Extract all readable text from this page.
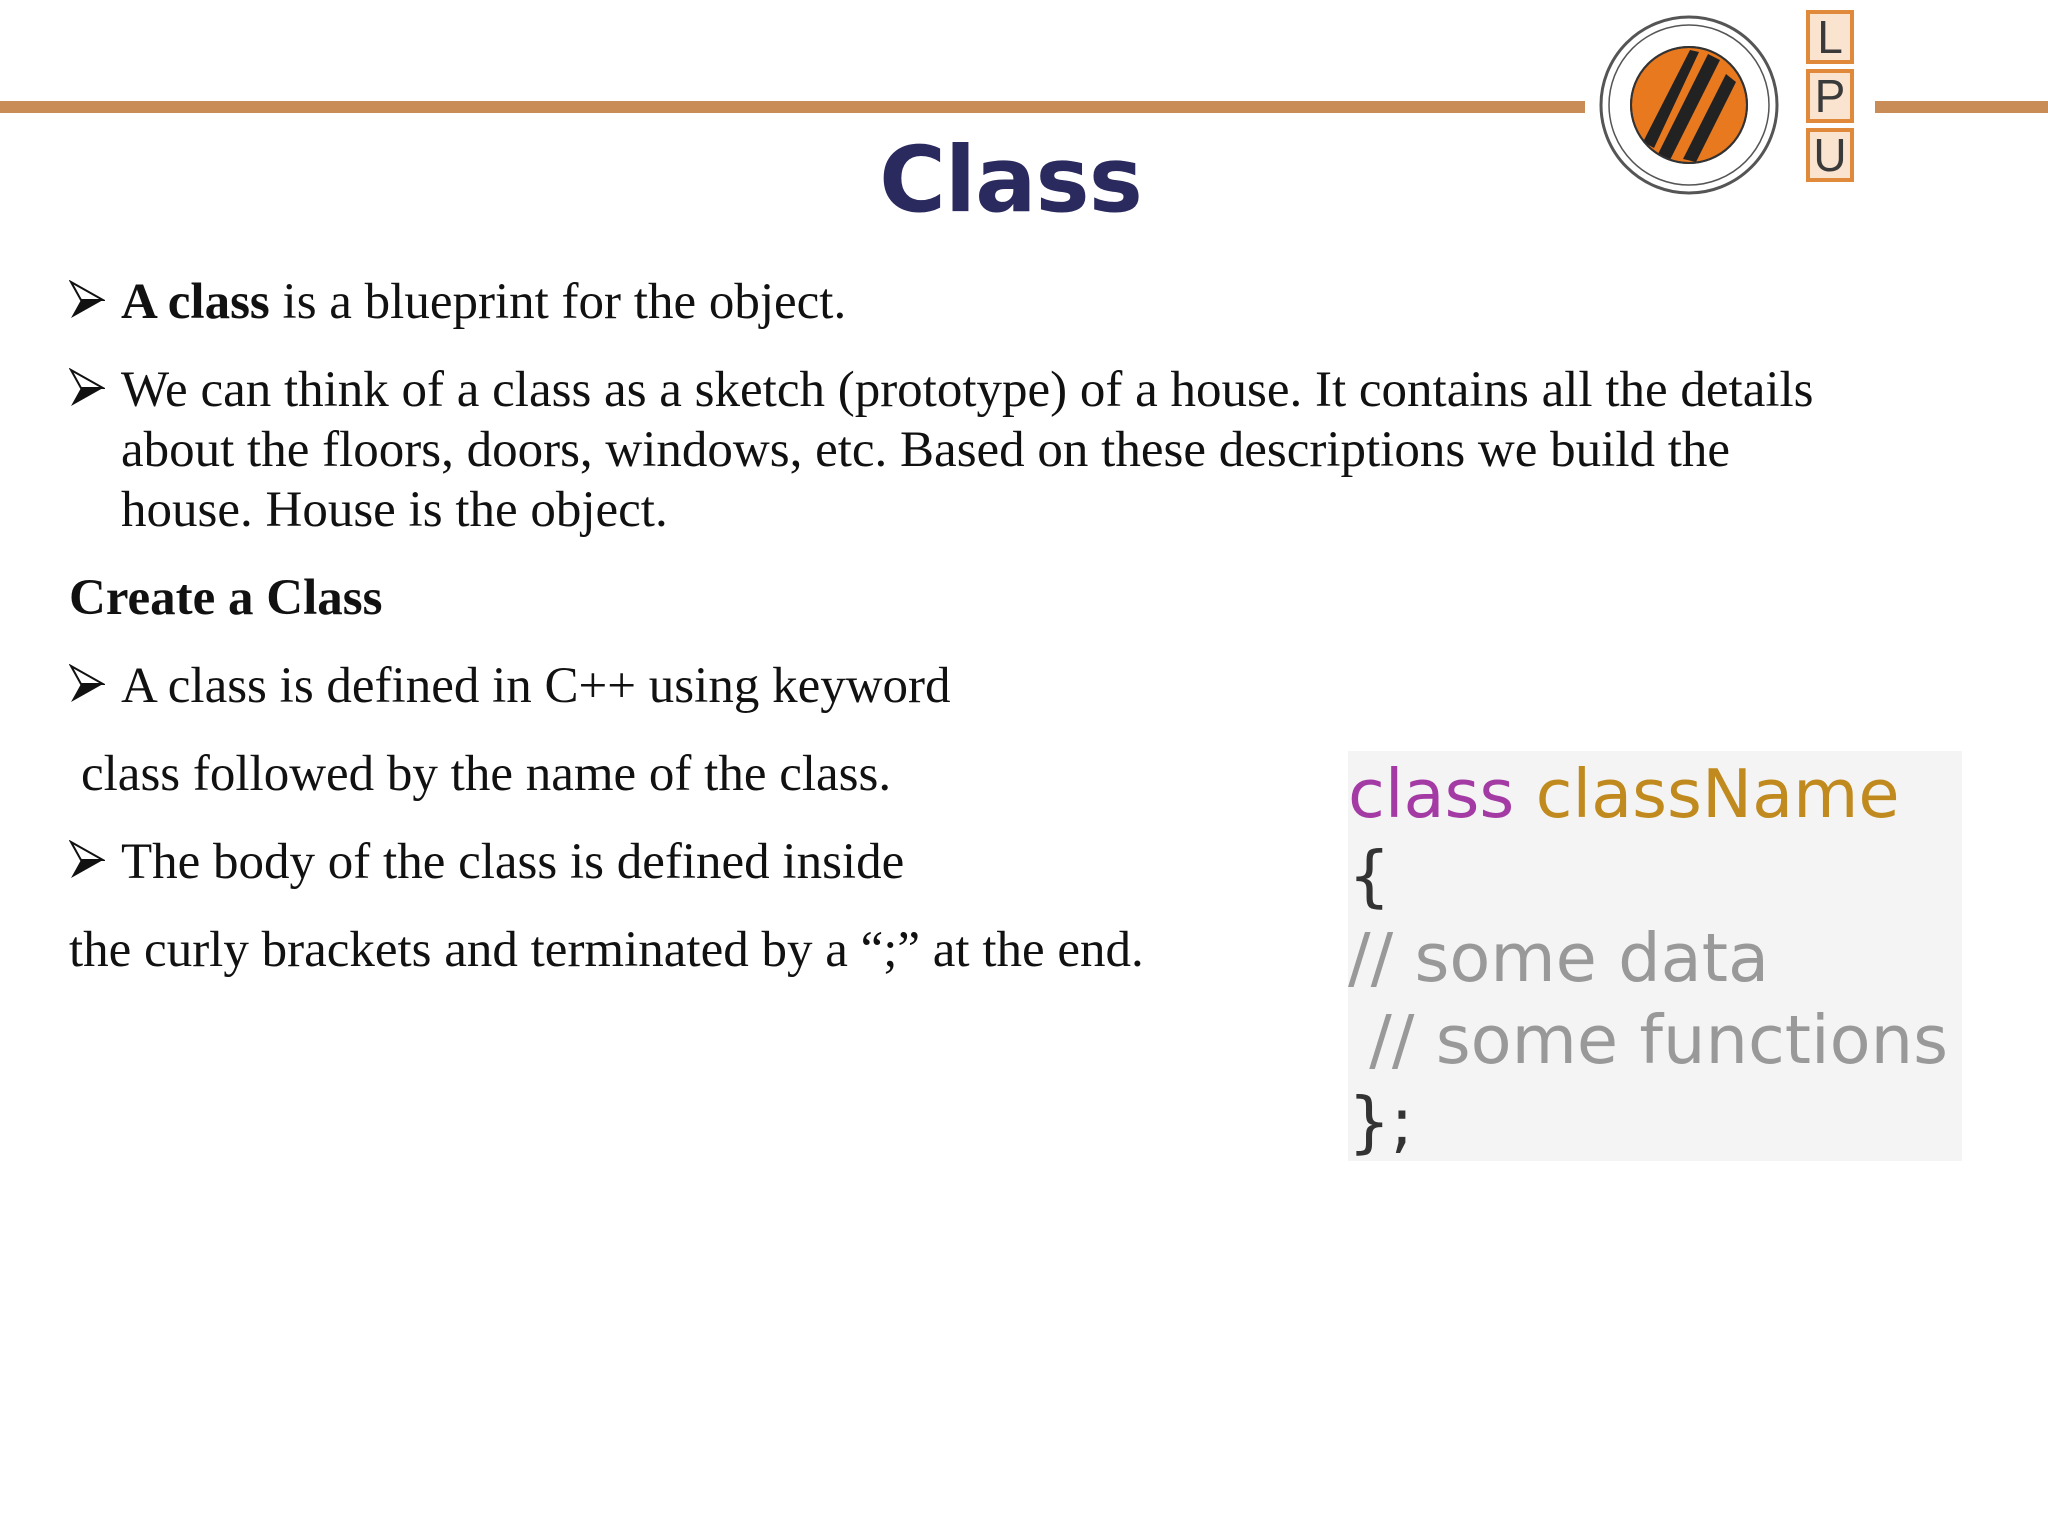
L
P
U
Class
A class is a blueprint for the object.
We can think of a class as a sketch (prototype) of a house. It contains all the details
about the floors, doors, windows, etc. Based on these descriptions we build the
house. House is the object.
Create a Class
A class is defined in C++ using keyword
class followed by the name of the class.
The body of the class is defined inside
the curly brackets and terminated by a “;” at the end.
class className
{
// some data
// some functions
};
